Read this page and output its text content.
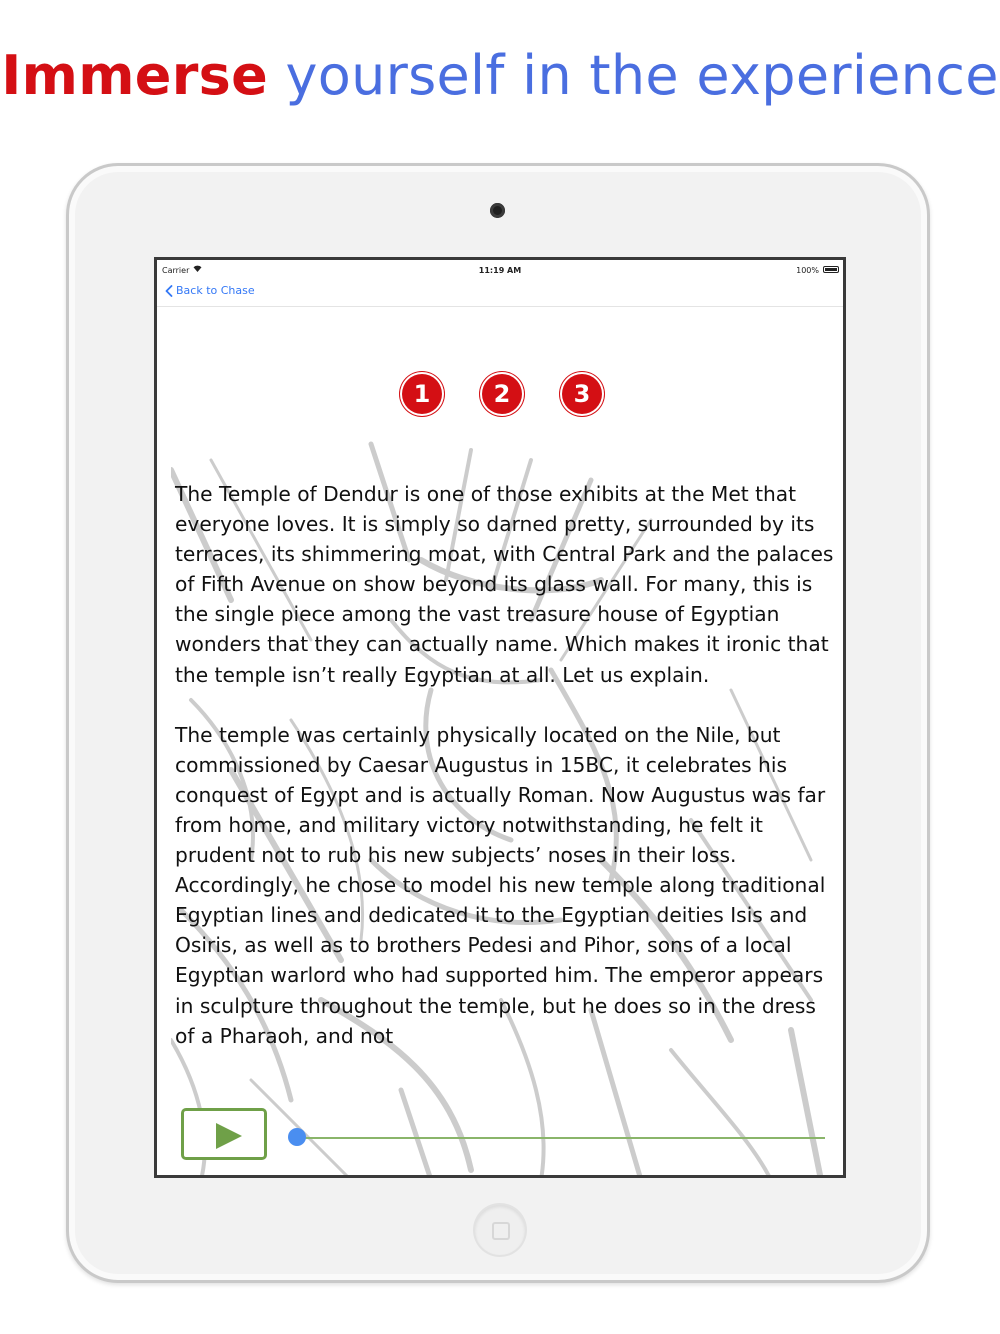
Immerse yourself in the experience
Carrier	11:19 AM	100%
Back to Chase
1	2	3

The Temple of Dendur is one of those exhibits at the Met that everyone loves. It is simply so darned pretty, surrounded by its terraces, its shimmering moat, with Central Park and the palaces of Fifth Avenue on show beyond its glass wall. For many, this is the single piece among the vast treasure house of Egyptian wonders that they can actually name. Which makes it ironic that the temple isn’t really Egyptian at all. Let us explain.

The temple was certainly physically located on the Nile, but commissioned by Caesar Augustus in 15BC, it celebrates his conquest of Egypt and is actually Roman. Now Augustus was far from home, and military victory notwithstanding, he felt it prudent not to rub his new subjects’ noses in their loss. Accordingly, he chose to model his new temple along traditional Egyptian lines and dedicated it to the Egyptian deities Isis and Osiris, as well as to brothers Pedesi and Pihor, sons of a local Egyptian warlord who had supported him. The emperor appears in sculpture throughout the temple, but he does so in the dress of a Pharaoh, and not
